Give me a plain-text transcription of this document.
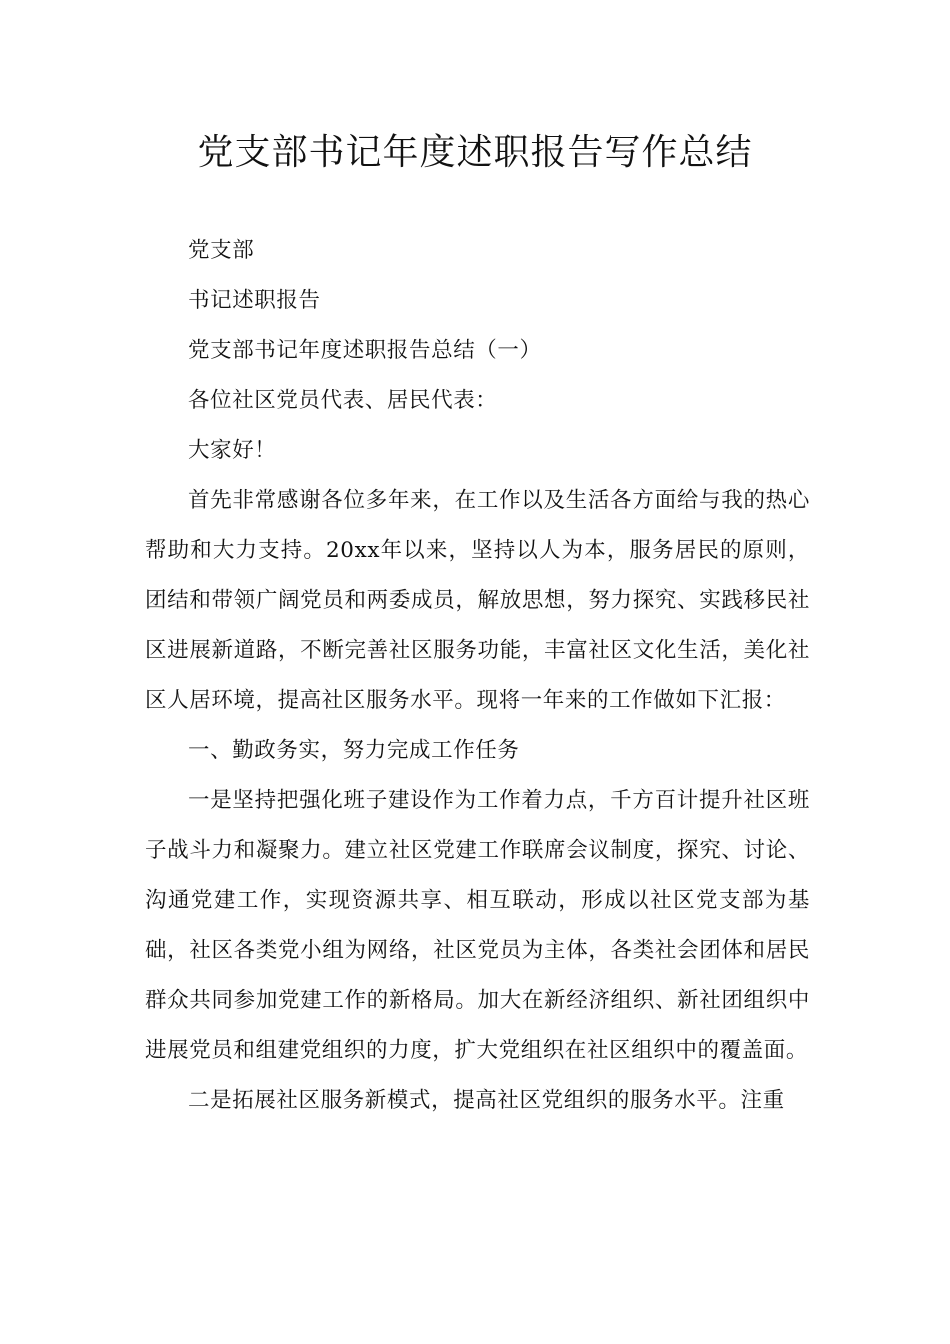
党支部书记年度述职报告写作总结

党支部

书记述职报告

党支部书记年度述职报告总结（一）

各位社区党员代表、居民代表：

大家好！

首先非常感谢各位多年来，在工作以及生活各方面给与我的热心帮助和大力支持。20xx年以来，坚持以人为本，服务居民的原则，团结和带领广阔党员和两委成员，解放思想，努力探究、实践移民社区进展新道路，不断完善社区服务功能，丰富社区文化生活，美化社区人居环境，提高社区服务水平。现将一年来的工作做如下汇报：

一、勤政务实，努力完成工作任务

一是坚持把强化班子建设作为工作着力点，千方百计提升社区班子战斗力和凝聚力。建立社区党建工作联席会议制度，探究、讨论、沟通党建工作，实现资源共享、相互联动，形成以社区党支部为基础，社区各类党小组为网络，社区党员为主体，各类社会团体和居民群众共同参加党建工作的新格局。加大在新经济组织、新社团组织中进展党员和组建党组织的力度，扩大党组织在社区组织中的覆盖面。

二是拓展社区服务新模式，提高社区党组织的服务水平。注重
